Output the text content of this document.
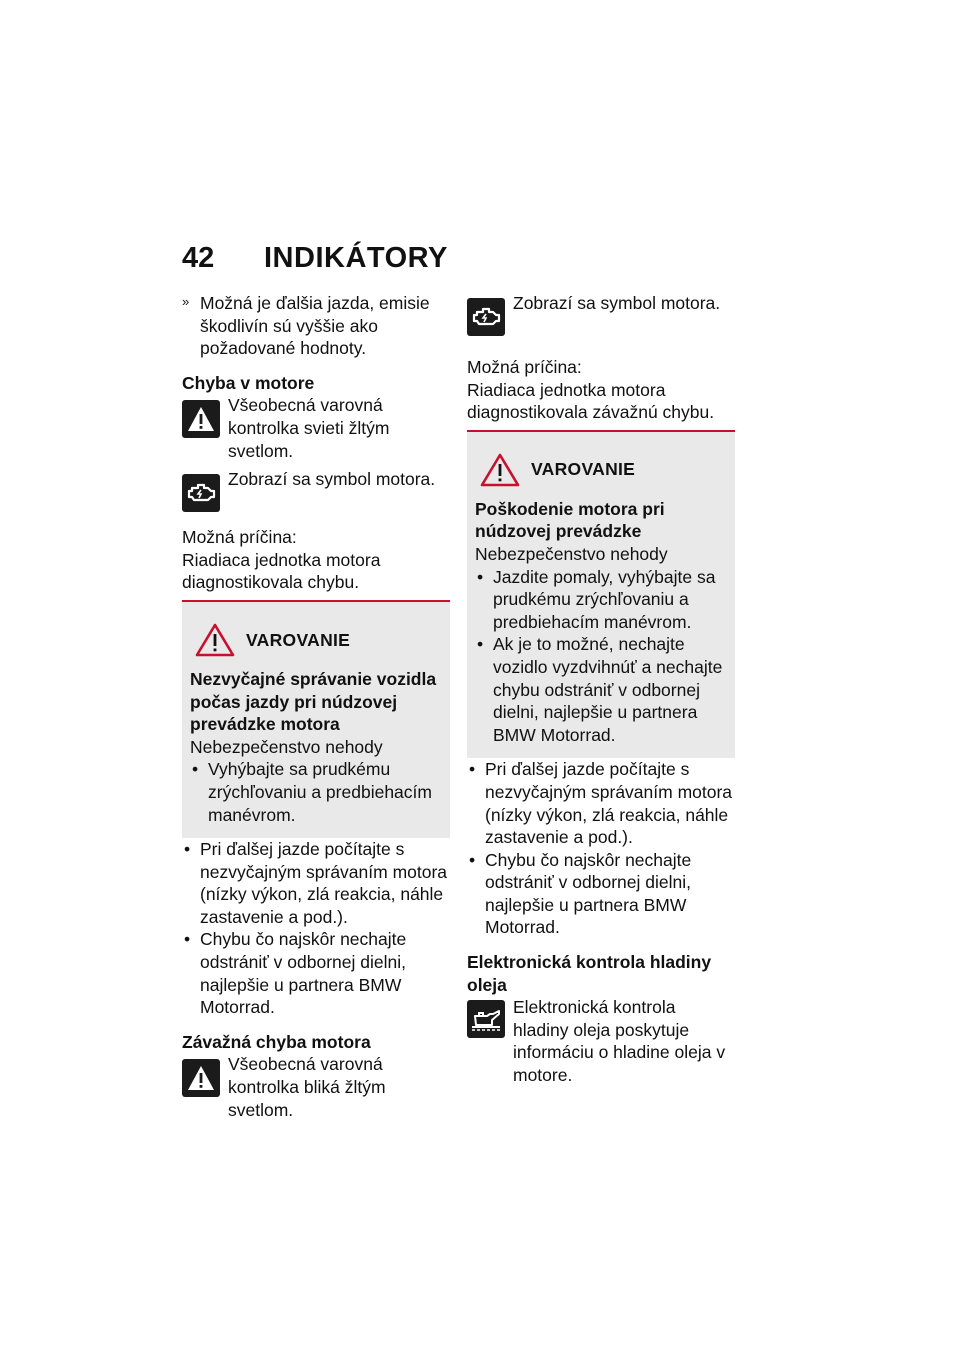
42	INDIKÁTORY

» Možná je ďalšia jazda, emisie škodlivín sú vyššie ako požadované hodnoty.

Chyba v motore

Všeobecná varovná kontrolka svieti žltým svetlom.

Zobrazí sa symbol motora.

Možná príčina:

Riadiaca jednotka motora diagnostikovala chybu.

VAROVANIE

Nezvyčajné správanie vozidla počas jazdy pri núdzovej prevádzke motora

Nebezpečenstvo nehody

• Vyhýbajte sa prudkému zrýchľovaniu a predbiehacím manévrom.
• Pri ďalšej jazde počítajte s nezvyčajným správaním motora (nízky výkon, zlá reakcia, náhle zastavenie a pod.).
• Chybu čo najskôr nechajte odstrániť v odbornej dielni, najlepšie u partnera BMW Motorrad.

Závažná chyba motora

Všeobecná varovná kontrolka bliká žltým svetlom.

Zobrazí sa symbol motora.

Možná príčina:

Riadiaca jednotka motora diagnostikovala závažnú chybu.

VAROVANIE

Poškodenie motora pri núdzovej prevádzke

Nebezpečenstvo nehody

• Jazdite pomaly, vyhýbajte sa prudkému zrýchľovaniu a predbiehacím manévrom.
• Ak je to možné, nechajte vozidlo vyzdvihnúť a nechajte chybu odstrániť v odbornej dielni, najlepšie u partnera BMW Motorrad.
• Pri ďalšej jazde počítajte s nezvyčajným správaním motora (nízky výkon, zlá reakcia, náhle zastavenie a pod.).
• Chybu čo najskôr nechajte odstrániť v odbornej dielni, najlepšie u partnera BMW Motorrad.

Elektronická kontrola hladiny oleja

Elektronická kontrola hladiny oleja poskytuje informáciu o hladine oleja v motore.
